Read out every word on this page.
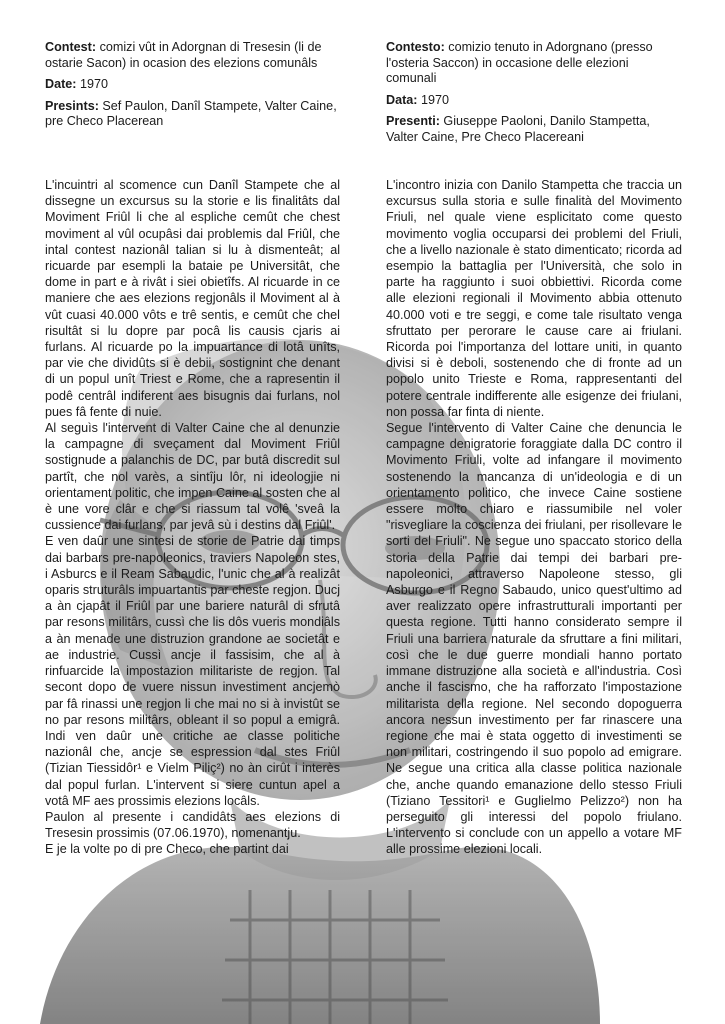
Contest: comizi vût in Adorgnan di Tresesin (li de ostarie Sacon) in ocasion des elezions comunâls

Date: 1970

Presints: Sef Paulon, Danîl Stampete, Valter Caine, pre Checo Placerean

Contesto: comizio tenuto in Adorgnano (presso l'osteria Saccon) in occasione delle elezioni comunali

Data: 1970

Presenti: Giuseppe Paoloni, Danilo Stampetta, Valter Caine, Pre Checo Placereani

L'incuintri al scomence cun Danîl Stampete che al dissegne un excursus su la storie e lis finalitâts dal Moviment Friûl li che al espliche cemût che chest moviment al vûl ocupâsi dai problemis dal Friûl, che intal contest nazionâl talian si lu à dismenteât; al ricuarde par esempli la bataie pe Universitât, che dome in part e à rivât i siei obietîfs. Al ricuarde in ce maniere che aes elezions regjonâls il Moviment al à vût cuasi 40.000 vôts e trê sentis, e cemût che chel risultât si lu dopre par pocâ lis causis cjaris ai furlans. Al ricuarde po la impuartance di lotâ unîts, par vie che dividûts si è debii, sostignint che denant di un popul unît Triest e Rome, che a rapresentin il podê centrâl indiferent aes bisugnis dai furlans, nol pues fâ fente di nuie.

Al seguìs l'intervent di Valter Caine che al denunzie la campagne di sveçament dal Moviment Friûl sostignude a palanchis de DC, par butâ discredit sul partît, che nol varès, a sintîju lôr, ni ideologjie ni orientament politic, che impen Caine al sosten che al è une vore clâr e che si riassum tal volê 'sveâ la cussience dai furlans, par jevâ sù i destins dal Friûl'.

E ven daûr une sintesi de storie de Patrie dai timps dai barbars pre-napoleonics, traviers Napoleon stes, i Asburcs e il Ream Sabaudic, l'unic che al à realizât oparis struturâls impuartantis par cheste regjon. Ducj a àn cjapât il Friûl par une bariere naturâl di sfrutâ par resons militârs, cussì che lis dôs vueris mondiâls a àn menade une distruzion grandone ae societât e ae industrie. Cussì ancje il fassisim, che al à rinfuarcide la impostazion militariste de regjon. Tal secont dopo de vuere nissun investiment ancjemò par fâ rinassi une regjon li che mai no si à invistût se no par resons militârs, obleant il so popul a emigrâ. Indi ven daûr une critiche ae classe politiche nazionâl che, ancje se espression dal stes Friûl (Tizian Tiessidôr¹ e Vielm Piliç²) no àn cirût i interès dal popul furlan. L'intervent si siere cuntun apel a votâ MF aes prossimis elezions locâls.

Paulon al presente i candidâts aes elezions di Tresesin prossimis (07.06.1970), nomenantju.

E je la volte po di pre Checo, che partint dai

L'incontro inizia con Danilo Stampetta che traccia un excursus sulla storia e sulle finalità del Movimento Friuli, nel quale viene esplicitato come questo movimento voglia occuparsi dei problemi del Friuli, che a livello nazionale è stato dimenticato; ricorda ad esempio la battaglia per l'Università, che solo in parte ha raggiunto i suoi obbiettivi. Ricorda come alle elezioni regionali il Movimento abbia ottenuto 40.000 voti e tre seggi, e come tale risultato venga sfruttato per perorare le cause care ai friulani. Ricorda poi l'importanza del lottare uniti, in quanto divisi si è deboli, sostenendo che di fronte ad un popolo unito Trieste e Roma, rappresentanti del potere centrale indifferente alle esigenze dei friulani, non possa far finta di niente.

Segue l'intervento di Valter Caine che denuncia le campagne denigratorie foraggiate dalla DC contro il Movimento Friuli, volte ad infangare il movimento sostenendo la mancanza di un'ideologia e di un orientamento politico, che invece Caine sostiene essere molto chiaro e riassumibile nel voler "risvegliare la coscienza dei friulani, per risollevare le sorti del Friuli". Ne segue uno spaccato storico della storia della Patrie dai tempi dei barbari pre-napoleonici, attraverso Napoleone stesso, gli Asburgo e il Regno Sabaudo, unico quest'ultimo ad aver realizzato opere infrastrutturali importanti per questa regione. Tutti hanno considerato sempre il Friuli una barriera naturale da sfruttare a fini militari, così che le due guerre mondiali hanno portato immane distruzione alla società e all'industria. Così anche il fascismo, che ha rafforzato l'impostazione militarista della regione. Nel secondo dopoguerra ancora nessun investimento per far rinascere una regione che mai è stata oggetto di investimenti se non militari, costringendo il suo popolo ad emigrare. Ne segue una critica alla classe politica nazionale che, anche quando emanazione dello stesso Friuli (Tiziano Tessitori¹ e Guglielmo Pelizzo²) non ha perseguito gli interessi del popolo friulano. L'intervento si conclude con un appello a votare MF alle prossime elezioni locali.
